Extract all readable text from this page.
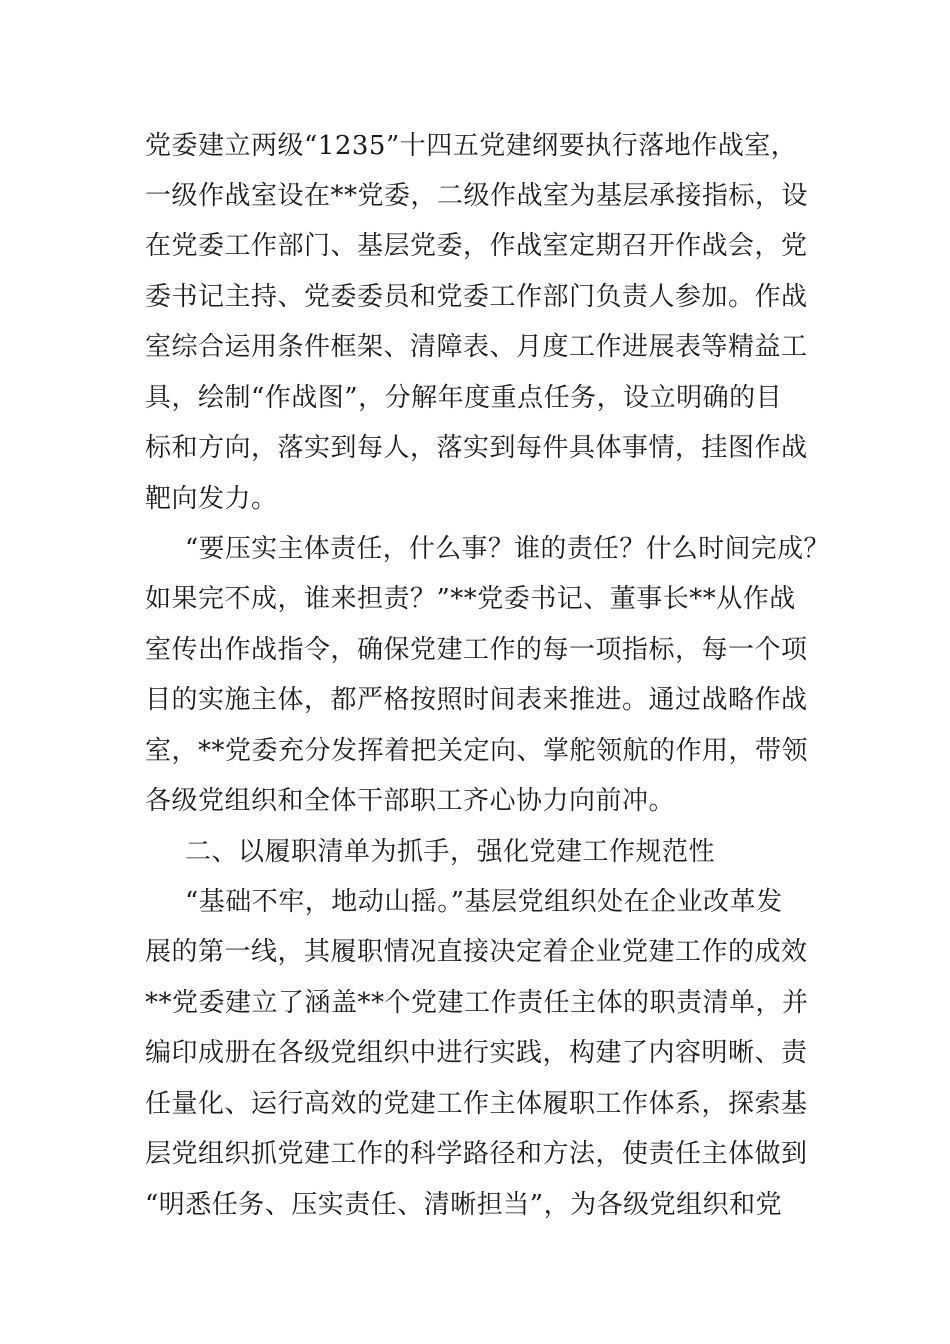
党委建立两级“1235”十四五党建纲要执行落地作战室，
一级作战室设在**党委，二级作战室为基层承接指标，设
在党委工作部门、基层党委，作战室定期召开作战会，党
委书记主持、党委委员和党委工作部门负责人参加。作战
室综合运用条件框架、清障表、月度工作进展表等精益工
具，绘制“作战图”，分解年度重点任务，设立明确的目
标和方向，落实到每人，落实到每件具体事情，挂图作战
靶向发力。
“要压实主体责任，什么事？谁的责任？什么时间完成？
如果完不成，谁来担责？”**党委书记、董事长**从作战
室传出作战指令，确保党建工作的每一项指标，每一个项
目的实施主体，都严格按照时间表来推进。通过战略作战
室，**党委充分发挥着把关定向、掌舵领航的作用，带领
各级党组织和全体干部职工齐心协力向前冲。
二、以履职清单为抓手，强化党建工作规范性
“基础不牢，地动山摇。”基层党组织处在企业改革发
展的第一线，其履职情况直接决定着企业党建工作的成效
**党委建立了涵盖**个党建工作责任主体的职责清单，并
编印成册在各级党组织中进行实践，构建了内容明晰、责
任量化、运行高效的党建工作主体履职工作体系，探索基
层党组织抓党建工作的科学路径和方法，使责任主体做到
“明悉任务、压实责任、清晰担当”，为各级党组织和党
